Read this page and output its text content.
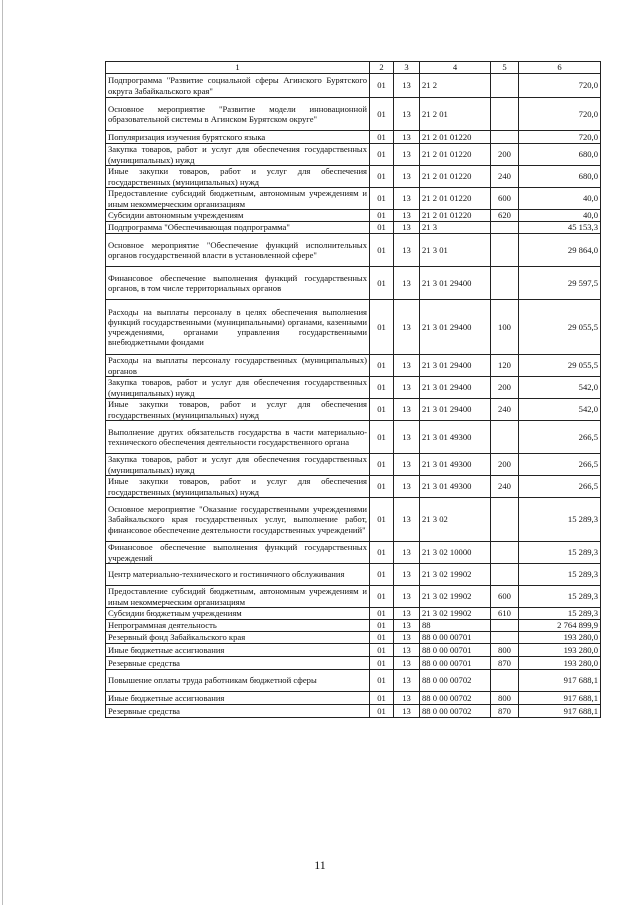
1	2	3	4	5	6
Подпрограмма "Развитие социальной сферы Агинского Бурятского округа Забайкальского края"	01	13	21 2		720,0
Основное мероприятие "Развитие модели инновационной образовательной системы в Агинском Бурятском округе"	01	13	21 2 01		720,0
Популяризация изучения бурятского языка	01	13	21 2 01 01220		720,0
Закупка товаров, работ и услуг для обеспечения государственных (муниципальных) нужд	01	13	21 2 01 01220	200	680,0
Иные закупки товаров, работ и услуг для обеспечения государственных (муниципальных) нужд	01	13	21 2 01 01220	240	680,0
Предоставление субсидий бюджетным, автономным учреждениям и иным некоммерческим организациям	01	13	21 2 01 01220	600	40,0
Субсидии автономным учреждениям	01	13	21 2 01 01220	620	40,0
Подпрограмма "Обеспечивающая подпрограмма"	01	13	21 3		45 153,3
Основное мероприятие "Обеспечение функций исполнительных органов государственной власти в установленной сфере"	01	13	21 3 01		29 864,0
Финансовое обеспечение выполнения функций государственных органов, в том числе территориальных органов	01	13	21 3 01 29400		29 597,5
Расходы на выплаты персоналу в целях обеспечения выполнения функций государственными (муниципальными) органами, казенными учреждениями, органами управления государственными внебюджетными фондами	01	13	21 3 01 29400	100	29 055,5
Расходы на выплаты персоналу государственных (муниципальных) органов	01	13	21 3 01 29400	120	29 055,5
Закупка товаров, работ и услуг для обеспечения государственных (муниципальных) нужд	01	13	21 3 01 29400	200	542,0
Иные закупки товаров, работ и услуг для обеспечения государственных (муниципальных) нужд	01	13	21 3 01 29400	240	542,0
Выполнение других обязательств государства в части материально-технического обеспечения деятельности государственного органа	01	13	21 3 01 49300		266,5
Закупка товаров, работ и услуг для обеспечения государственных (муниципальных) нужд	01	13	21 3 01 49300	200	266,5
Иные закупки товаров, работ и услуг для обеспечения государственных (муниципальных) нужд	01	13	21 3 01 49300	240	266,5
Основное мероприятие "Оказание государственными учреждениями Забайкальского края государственных услуг, выполнение работ, финансовое обеспечение деятельности государственных учреждений"	01	13	21 3 02		15 289,3
Финансовое обеспечение выполнения функций государственных учреждений	01	13	21 3 02 10000		15 289,3
Центр материально-технического и гостиничного обслуживания	01	13	21 3 02 19902		15 289,3
Предоставление субсидий бюджетным, автономным учреждениям и иным некоммерческим организациям	01	13	21 3 02 19902	600	15 289,3
Субсидии бюджетным учреждениям	01	13	21 3 02 19902	610	15 289,3
Непрограммная деятельность	01	13	88		2 764 899,9
Резервный фонд Забайкальского края	01	13	88 0 00 00701		193 280,0
Иные бюджетные ассигнования	01	13	88 0 00 00701	800	193 280,0
Резервные средства	01	13	88 0 00 00701	870	193 280,0
Повышение оплаты труда работникам бюджетной сферы	01	13	88 0 00 00702		917 688,1
Иные бюджетные ассигнования	01	13	88 0 00 00702	800	917 688,1
Резервные средства	01	13	88 0 00 00702	870	917 688,1
11
